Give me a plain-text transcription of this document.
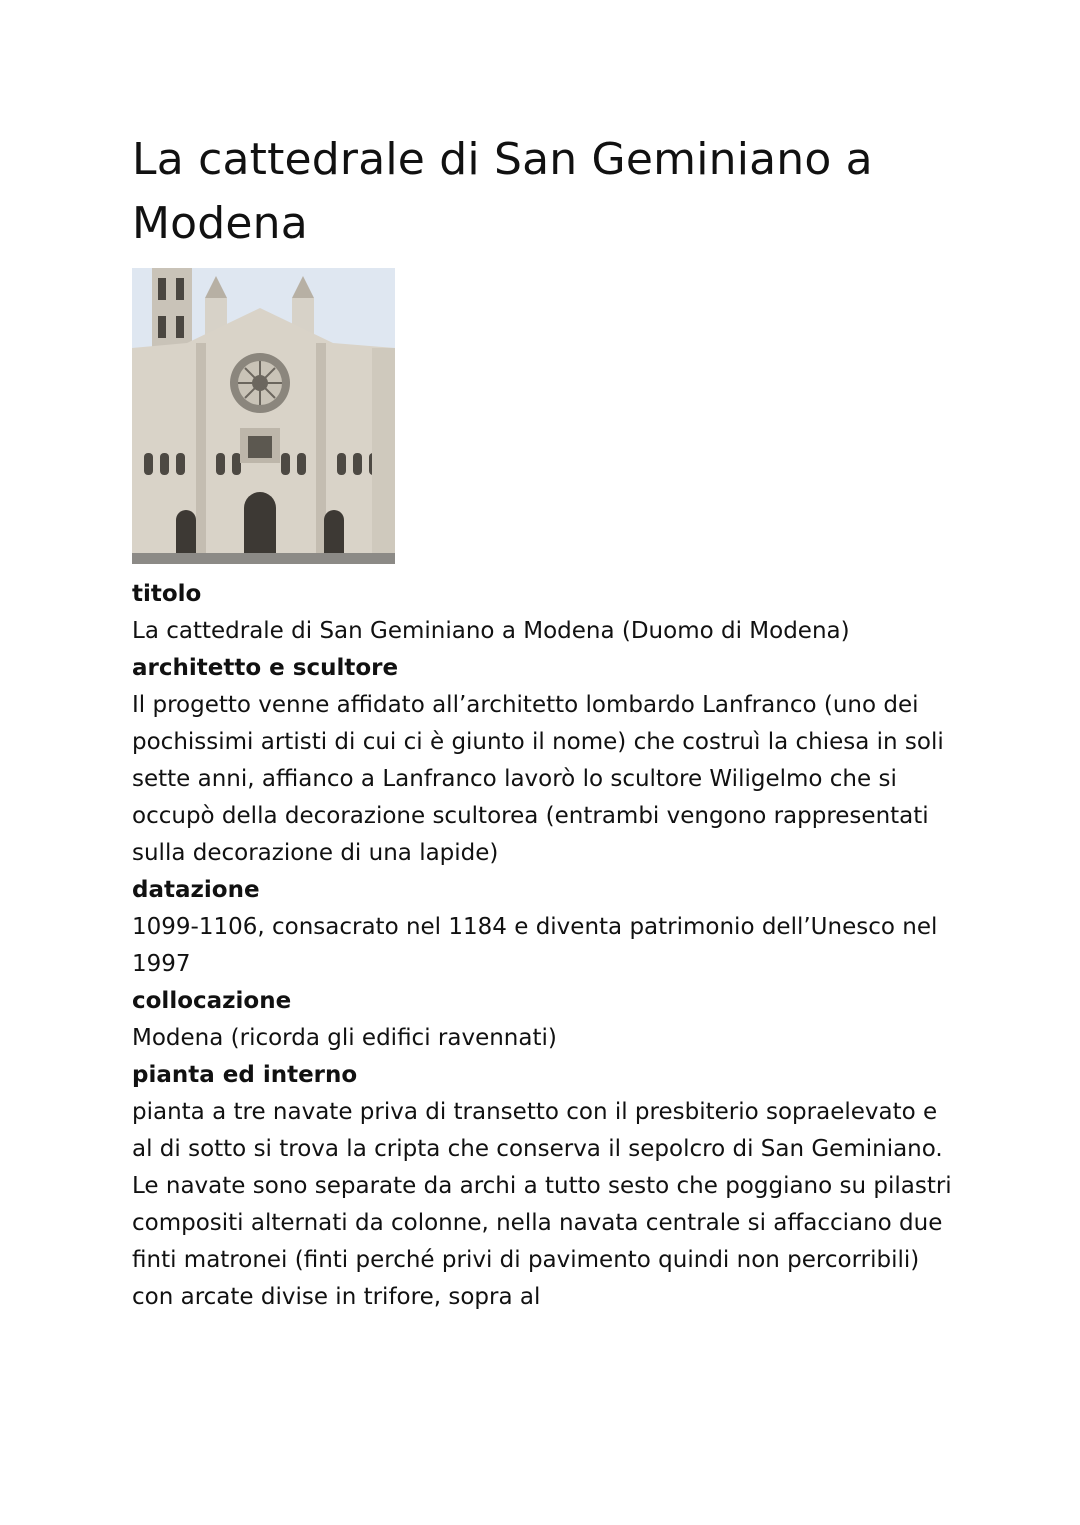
La cattedrale di San Geminiano a Modena

titolo

La cattedrale di San Geminiano a Modena (Duomo di Modena)

architetto e scultore

Il progetto venne affidato all’architetto lombardo Lanfranco (uno dei pochissimi artisti di cui ci è giunto il nome) che costruì la chiesa in soli sette anni, affianco a Lanfranco lavorò lo scultore Wiligelmo che si occupò della decorazione scultorea (entrambi vengono rappresentati sulla decorazione di una lapide)

datazione

1099-1106, consacrato nel 1184 e diventa patrimonio dell’Unesco nel 1997

collocazione

Modena (ricorda gli edifici ravennati)

pianta ed interno

pianta a tre navate priva di transetto con il presbiterio sopraelevato e al di sotto si trova la cripta che conserva il sepolcro di San Geminiano.

Le navate sono separate da archi a tutto sesto che poggiano su pilastri compositi alternati da colonne, nella navata centrale si affacciano due finti matronei (finti perché privi di pavimento quindi non percorribili) con arcate divise in trifore, sopra al
